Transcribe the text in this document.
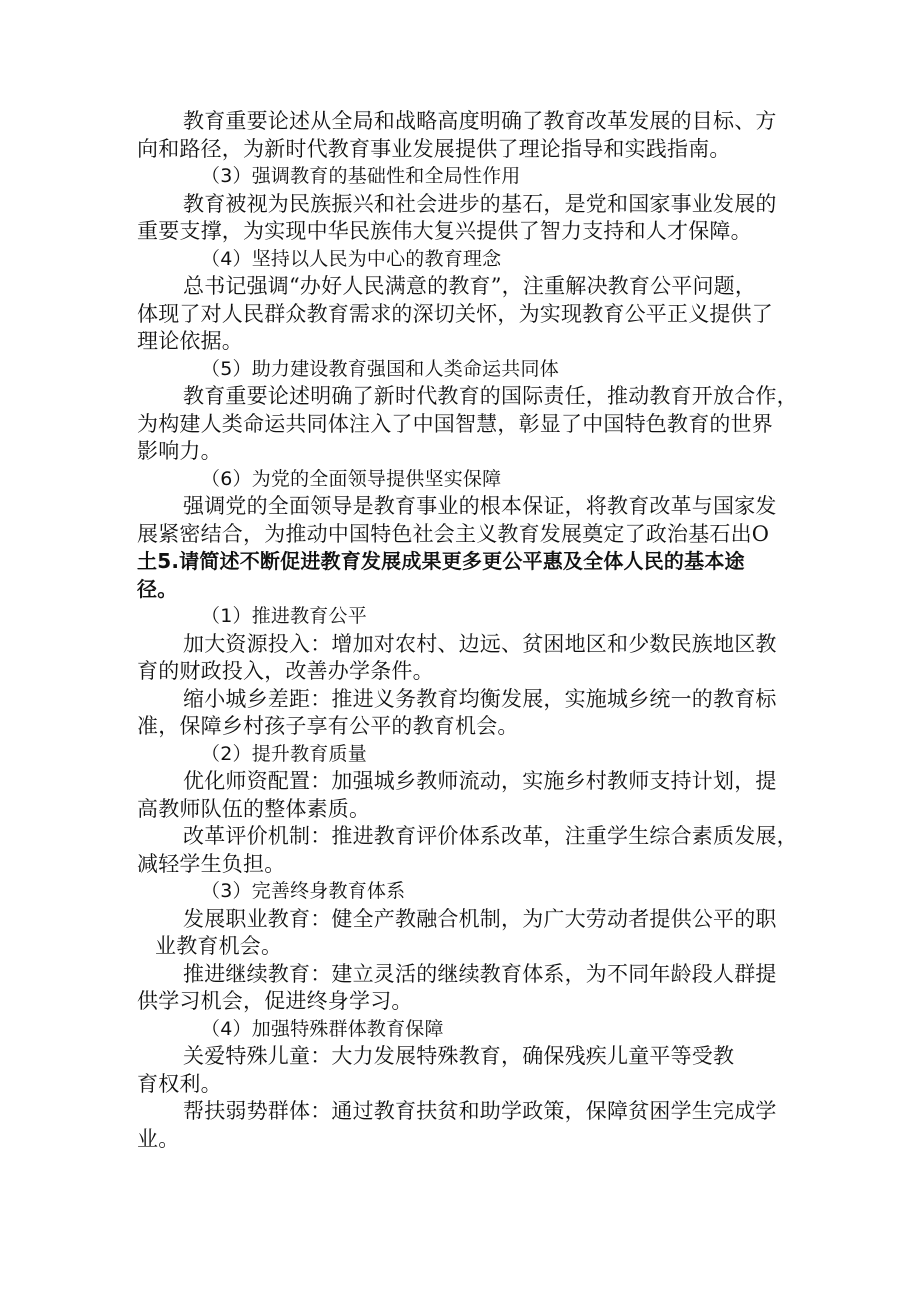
教育重要论述从全局和战略高度明确了教育改革发展的目标、方
向和路径，为新时代教育事业发展提供了理论指导和实践指南。
（3）强调教育的基础性和全局性作用
教育被视为民族振兴和社会进步的基石，是党和国家事业发展的
重要支撑，为实现中华民族伟大复兴提供了智力支持和人才保障。
（4）坚持以人民为中心的教育理念
总书记强调“办好人民满意的教育”，注重解决教育公平问题，
体现了对人民群众教育需求的深切关怀，为实现教育公平正义提供了
理论依据。
（5）助力建设教育强国和人类命运共同体
教育重要论述明确了新时代教育的国际责任，推动教育开放合作，
为构建人类命运共同体注入了中国智慧，彰显了中国特色教育的世界
影响力。
（6）为党的全面领导提供坚实保障
强调党的全面领导是教育事业的根本保证，将教育改革与国家发
展紧密结合，为推动中国特色社会主义教育发展奠定了政治基石出O
土5.请简述不断促进教育发展成果更多更公平惠及全体人民的基本途
径。
（1）推进教育公平
加大资源投入：增加对农村、边远、贫困地区和少数民族地区教
育的财政投入，改善办学条件。
缩小城乡差距：推进义务教育均衡发展，实施城乡统一的教育标
准，保障乡村孩子享有公平的教育机会。
（2）提升教育质量
优化师资配置：加强城乡教师流动，实施乡村教师支持计划，提
高教师队伍的整体素质。
改革评价机制：推进教育评价体系改革，注重学生综合素质发展，
减轻学生负担。
（3）完善终身教育体系
发展职业教育：健全产教融合机制，为广大劳动者提供公平的职
业教育机会。
推进继续教育：建立灵活的继续教育体系，为不同年龄段人群提
供学习机会，促进终身学习。
（4）加强特殊群体教育保障
关爱特殊儿童：大力发展特殊教育，确保残疾儿童平等受教
育权利。
帮扶弱势群体：通过教育扶贫和助学政策，保障贫困学生完成学
业。
